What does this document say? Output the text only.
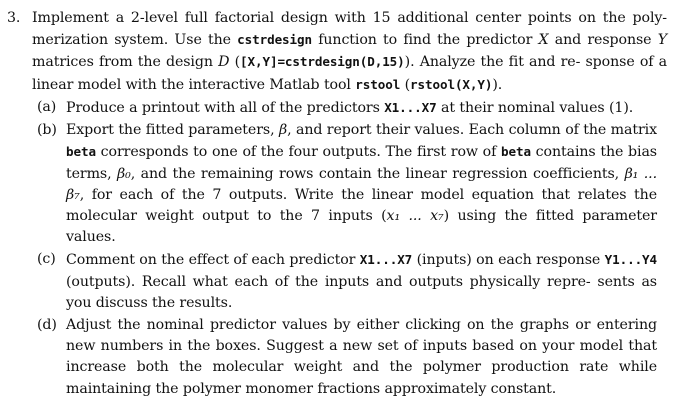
3. Implement a 2-level full factorial design with 15 additional center points on the poly- merization system. Use the cstrdesign function to find the predictor X and response Y matrices from the design D ([X,Y]=cstrdesign(D,15)). Analyze the fit and re- sponse of a linear model with the interactive Matlab tool rstool (rstool(X,Y)).
(a) Produce a printout with all of the predictors X1...X7 at their nominal values (1).
(b) Export the fitted parameters, β, and report their values. Each column of the matrix beta corresponds to one of the four outputs. The first row of beta contains the bias terms, β₀, and the remaining rows contain the linear regression coefficients, β₁ ... β₇, for each of the 7 outputs. Write the linear model equation that relates the molecular weight output to the 7 inputs (x₁ ... x₇) using the fitted parameter values.
(c) Comment on the effect of each predictor X1...X7 (inputs) on each response Y1...Y4 (outputs). Recall what each of the inputs and outputs physically repre- sents as you discuss the results.
(d) Adjust the nominal predictor values by either clicking on the graphs or entering new numbers in the boxes. Suggest a new set of inputs based on your model that increase both the molecular weight and the polymer production rate while maintaining the polymer monomer fractions approximately constant.
